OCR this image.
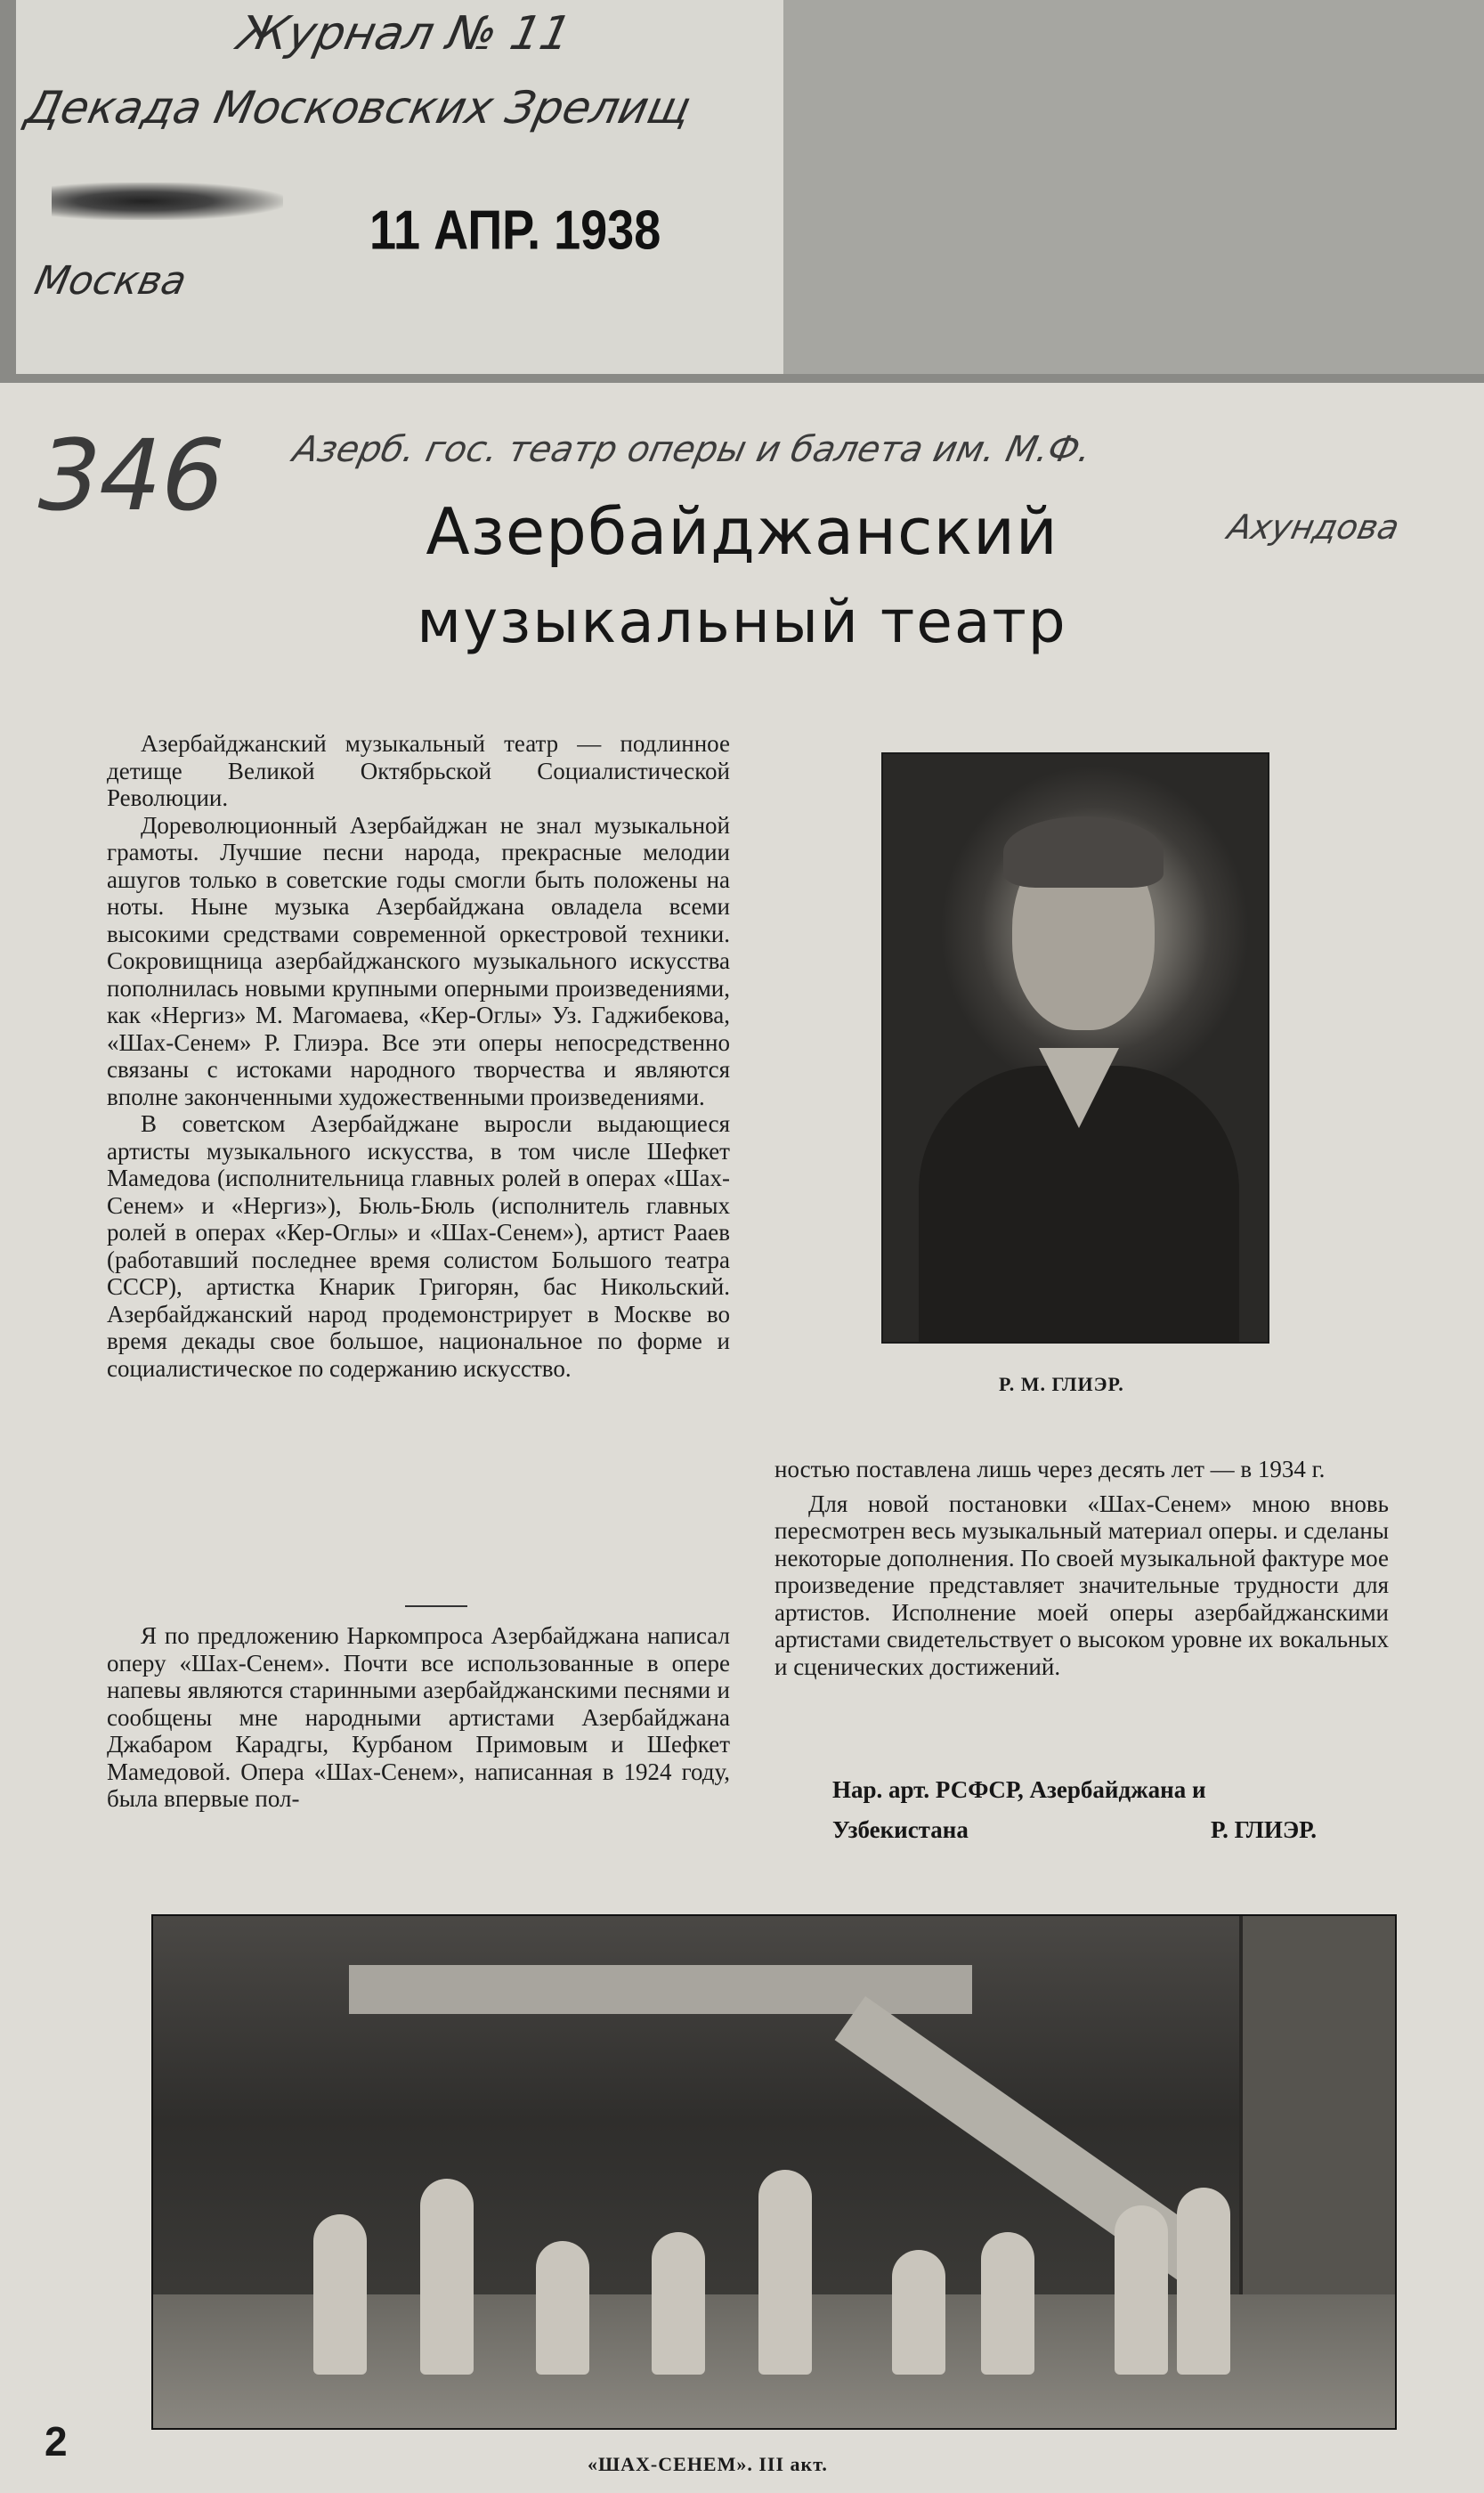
Журнал № 11
Декада Московских Зрелищ
11 АПР. 1938
Москва
346 Азерб. гос. театр оперы и балета им. М.Ф.
Ахундова
Азербайджанский
музыкальный театр

Азербайджанский музыкальный театр — подлинное детище Великой Октябрьской Социалистической Революции.

Дореволюционный Азербайджан не знал музыкальной грамоты. Лучшие песни народа, прекрасные мелодии ашугов только в советские годы смогли быть положены на ноты. Ныне музыка Азербайджана овладела всеми высокими средствами современной оркестровой техники. Сокровищница азербайджанского музыкального искусства пополнилась новыми крупными оперными произведениями, как «Нергиз» М. Магомаева, «Кер-Оглы» Уз. Гаджибекова, «Шах-Сенем» Р. Глиэра. Все эти оперы непосредственно связаны с истоками народного творчества и являются вполне законченными художественными произведениями.

В советском Азербайджане выросли выдающиеся артисты музыкального искусства, в том числе Шефкет Мамедова (исполнительница главных ролей в операх «Шах-Сенем» и «Нергиз»), Бюль-Бюль (исполнитель главных ролей в операх «Кер-Оглы» и «Шах-Сенем»), артист Рааев (работавший последнее время солистом Большого театра СССР), артистка Кнарик Григорян, бас Никольский. Азербайджанский народ продемонстрирует в Москве во время декады свое большое, национальное по форме и социалистическое по содержанию искусство.

Я по предложению Наркомпроса Азербайджана написал оперу «Шах-Сенем». Почти все использованные в опере напевы являются старинными азербайджанскими песнями и сообщены мне народными артистами Азербайджана Джабаром Карадгы, Курбаном Примовым и Шефкет Мамедовой. Опера «Шах-Сенем», написанная в 1924 году, была впервые пол-

Р. М. ГЛИЭР.

ностью поставлена лишь через десять лет — в 1934 г.

Для новой постановки «Шах-Сенем» мною вновь пересмотрен весь музыкальный материал оперы. и сделаны некоторые дополнения. По своей музыкальной фактуре мое произведение представляет значительные трудности для артистов. Исполнение моей оперы азербайджанскими артистами свидетельствует о высоком уровне их вокальных и сценических достижений.

Нар. арт. РСФСР, Азербайджана и
Узбекистана	Р. ГЛИЭР.
«ШАХ-СЕНЕМ». III акт.
2
